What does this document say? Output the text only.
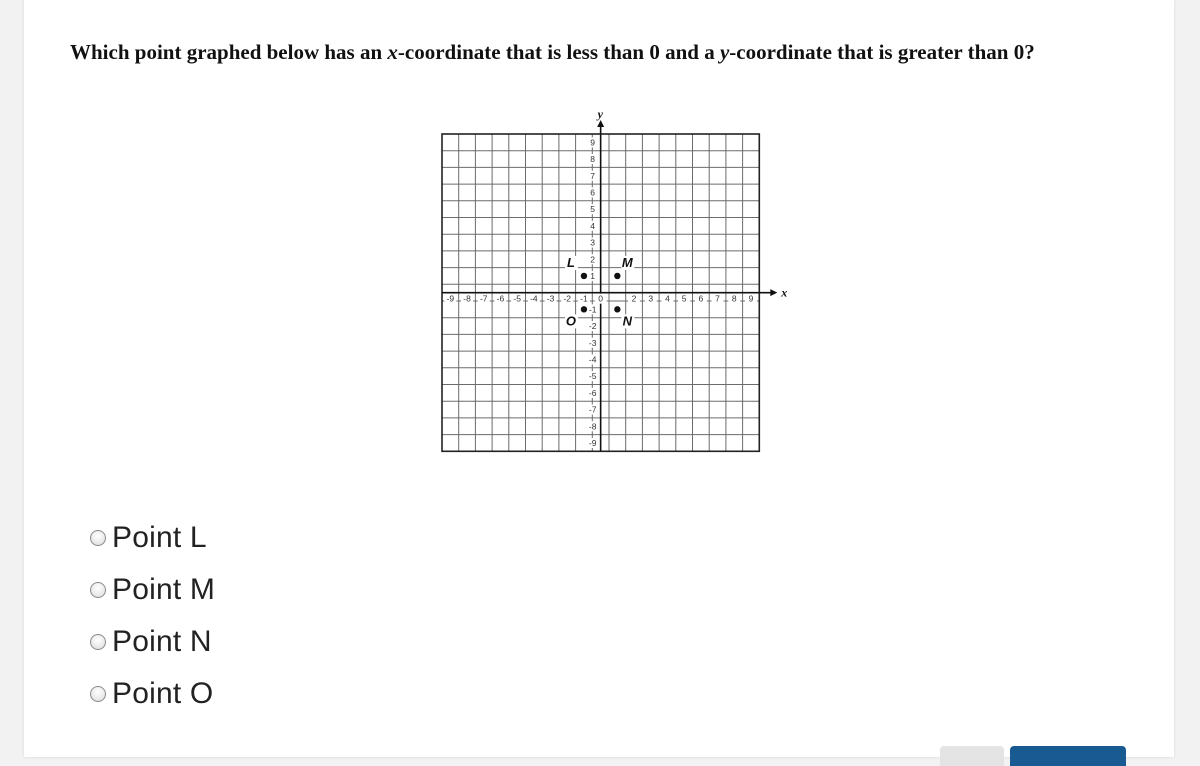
Which point graphed below has an x-coordinate that is less than 0 and a y-coordinate that is greater than 0?
x
y
-9 -8 -7 -6 -5 -4 -3 -2 -1 0	2 3 4 5 6 7 8 9
9
8
7
6
5
4
3
2
1
-1
-2
-3
-4
-5
-6
-7
-8
-9
L	M
N
O
Point L
Point M
Point N
Point O
